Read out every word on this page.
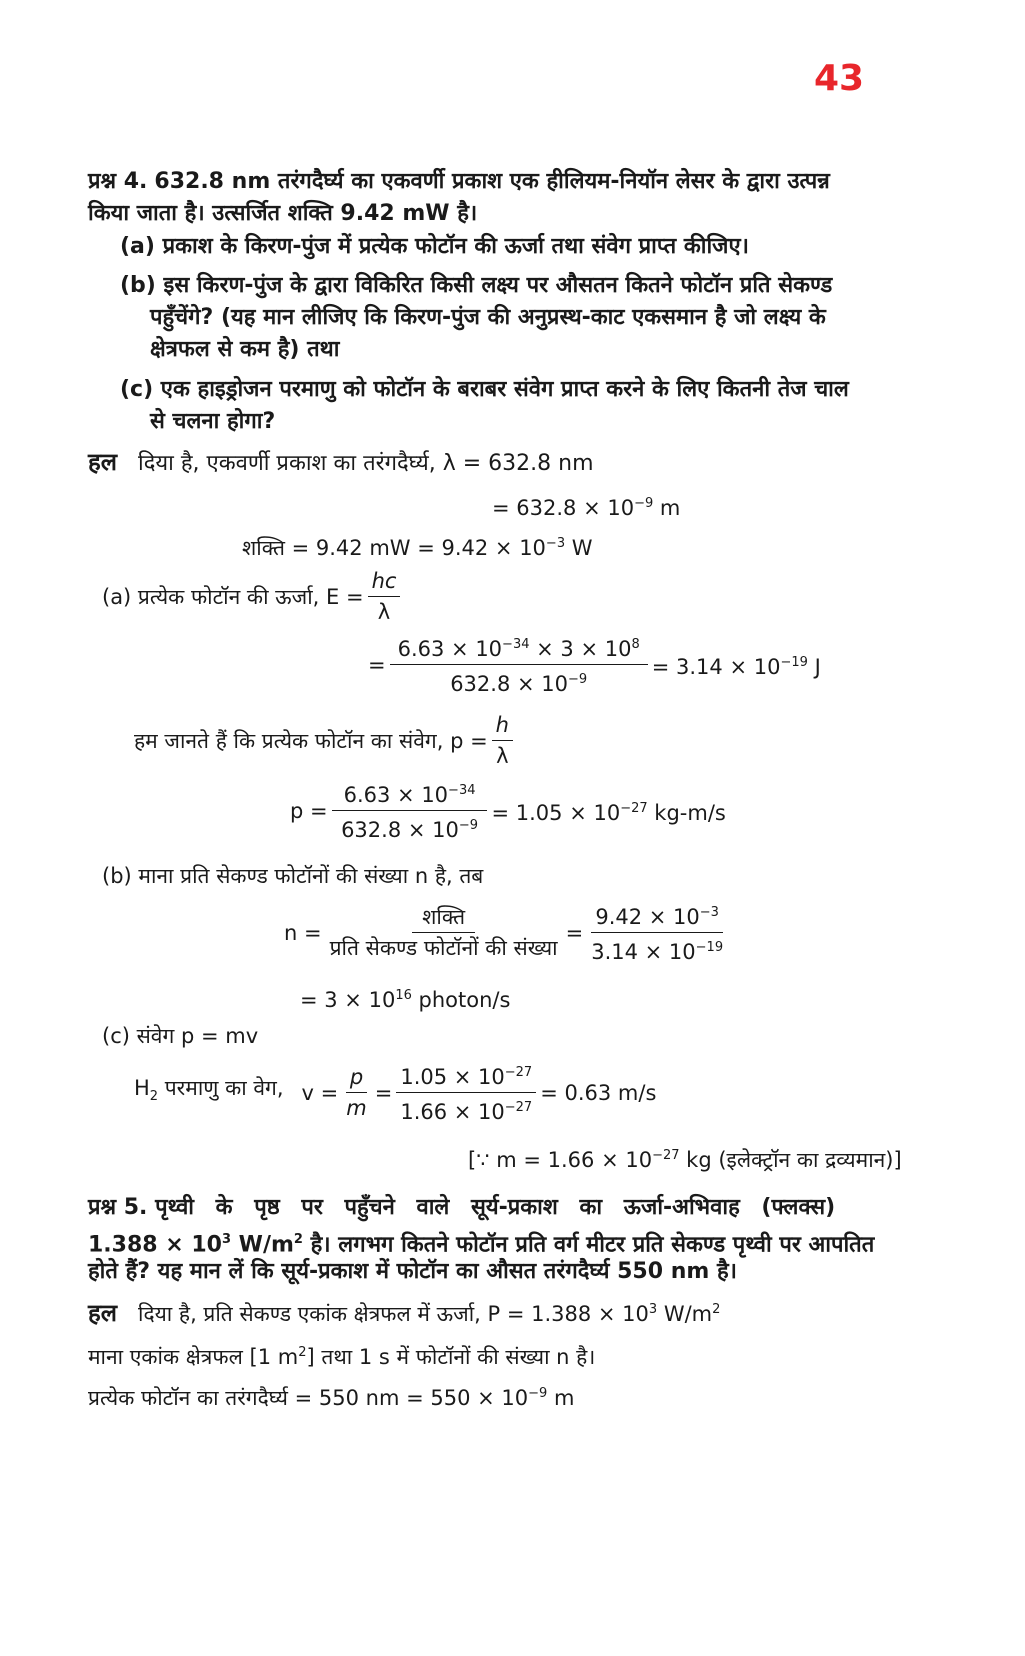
43
प्रश्न 4. 632.8 nm तरंगदैर्घ्य का एकवर्णी प्रकाश एक हीलियम-नियॉन लेसर के द्वारा उत्पन्न
किया जाता है। उत्सर्जित शक्ति 9.42 mW है।
(a) प्रकाश के किरण-पुंज में प्रत्येक फोटॉन की ऊर्जा तथा संवेग प्राप्त कीजिए।
(b) इस किरण-पुंज के द्वारा विकिरित किसी लक्ष्य पर औसतन कितने फोटॉन प्रति सेकण्ड
पहुँचेंगे? (यह मान लीजिए कि किरण-पुंज की अनुप्रस्थ-काट एकसमान है जो लक्ष्य के
क्षेत्रफल से कम है) तथा
(c) एक हाइड्रोजन परमाणु को फोटॉन के बराबर संवेग प्राप्त करने के लिए कितनी तेज चाल
से चलना होगा?
हल दिया है, एकवर्णी प्रकाश का तरंगदैर्घ्य, λ = 632.8 nm
= $632.8 \times 10^{-9}$ m
शक्ति = 9.42 mW = $9.42 \times 10^{-3}$ W
(a) प्रत्येक फोटॉन की ऊर्जा, $E = \frac{hc}{\lambda}$
= $\frac{6.63 \times 10^{-34} \times 3 \times 10^8}{632.8 \times 10^{-9}} = 3.14 \times 10^{-19}$ J
हम जानते हैं कि प्रत्येक फोटॉन का संवेग, $p = \frac{h}{\lambda}$
$p = \frac{6.63 \times 10^{-34}}{632.8 \times 10^{-9}} = 1.05 \times 10^{-27}$ kg-m/s
(b) माना प्रति सेकण्ड फोटॉनों की संख्या n है, तब
$n = \frac{\text{शक्ति}}{\text{प्रति सेकण्ड फोटॉनों की संख्या}} = \frac{9.42 \times 10^{-3}}{3.14 \times 10^{-19}}$
= $3 \times 10^{16}$ photon/s
(c) संवेग p = mv
$H_2$ परमाणु का वेग, $v = \frac{p}{m} = \frac{1.05 \times 10^{-27}}{1.66 \times 10^{-27}} = 0.63$ m/s
[∵ $m = 1.66 \times 10^{-27}$ kg (इलेक्ट्रॉन का द्रव्यमान)]
प्रश्न 5. पृथ्वी के पृष्ठ पर पहुँचने वाले सूर्य-प्रकाश का ऊर्जा-अभिवाह (फ्लक्स)
$1.388 \times 10^3$ $W/m^2$ है। लगभग कितने फोटॉन प्रति वर्ग मीटर प्रति सेकण्ड पृथ्वी पर आपतित
होते हैं? यह मान लें कि सूर्य-प्रकाश में फोटॉन का औसत तरंगदैर्घ्य 550 nm है।
हल दिया है, प्रति सेकण्ड एकांक क्षेत्रफल में ऊर्जा, $P = 1.388 \times 10^3$ $W/m^2$
माना एकांक क्षेत्रफल [1 $m^2$] तथा 1 s में फोटॉनों की संख्या n है।
प्रत्येक फोटॉन का तरंगदैर्घ्य = 550 nm = $550 \times 10^{-9}$ m
